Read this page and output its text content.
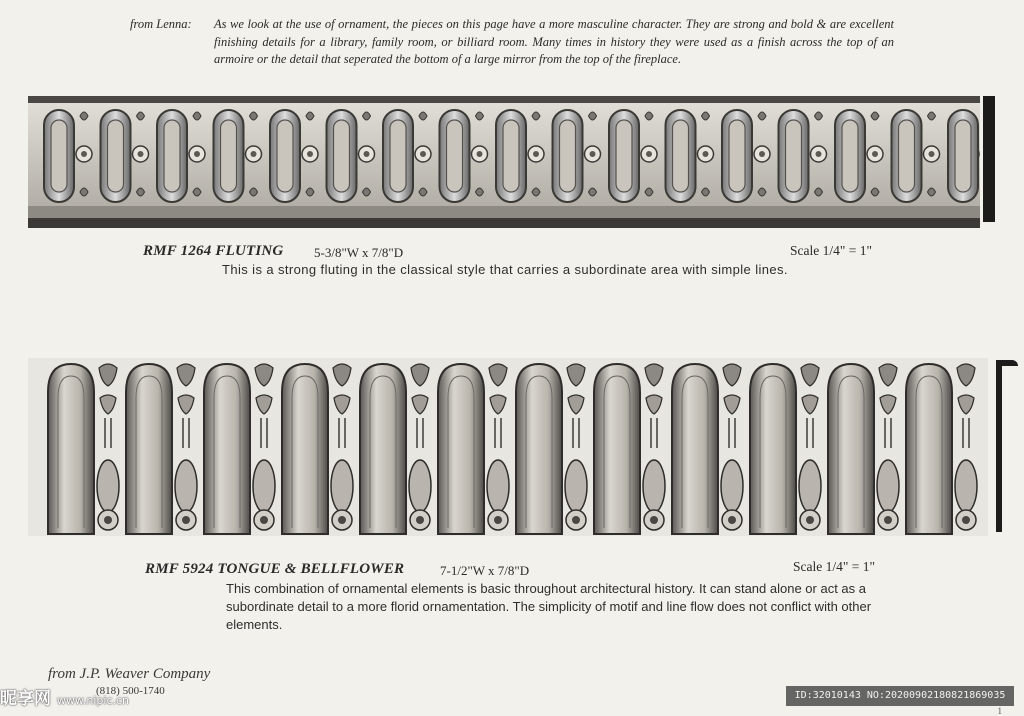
from Lenna:	As we look at the use of ornament, the pieces on this page have a more masculine character. They are strong and bold & are excellent finishing details for a library, family room, or billiard room. Many times in history they were used as a finish across the top of an armoire or the detail that seperated the bottom of a large mirror from the top of the fireplace.
RMF 1264 FLUTING 5-3/8"W x 7/8"D	Scale 1/4" = 1"
This is a strong fluting in the classical style that carries a subordinate area with simple lines.
RMF 5924 TONGUE & BELLFLOWER	7-1/2"W x 7/8"D	Scale 1/4" = 1"
This combination of ornamental elements is basic throughout architectural history. It can stand alone or act as a subordinate detail to a more florid ornamentation. The simplicity of motif and line flow does not conflict with other elements.
from J.P. Weaver Company
(818) 500-1740
昵享网 www.nipic.cn	ID:32010143 NO:20200902180821869035
1
